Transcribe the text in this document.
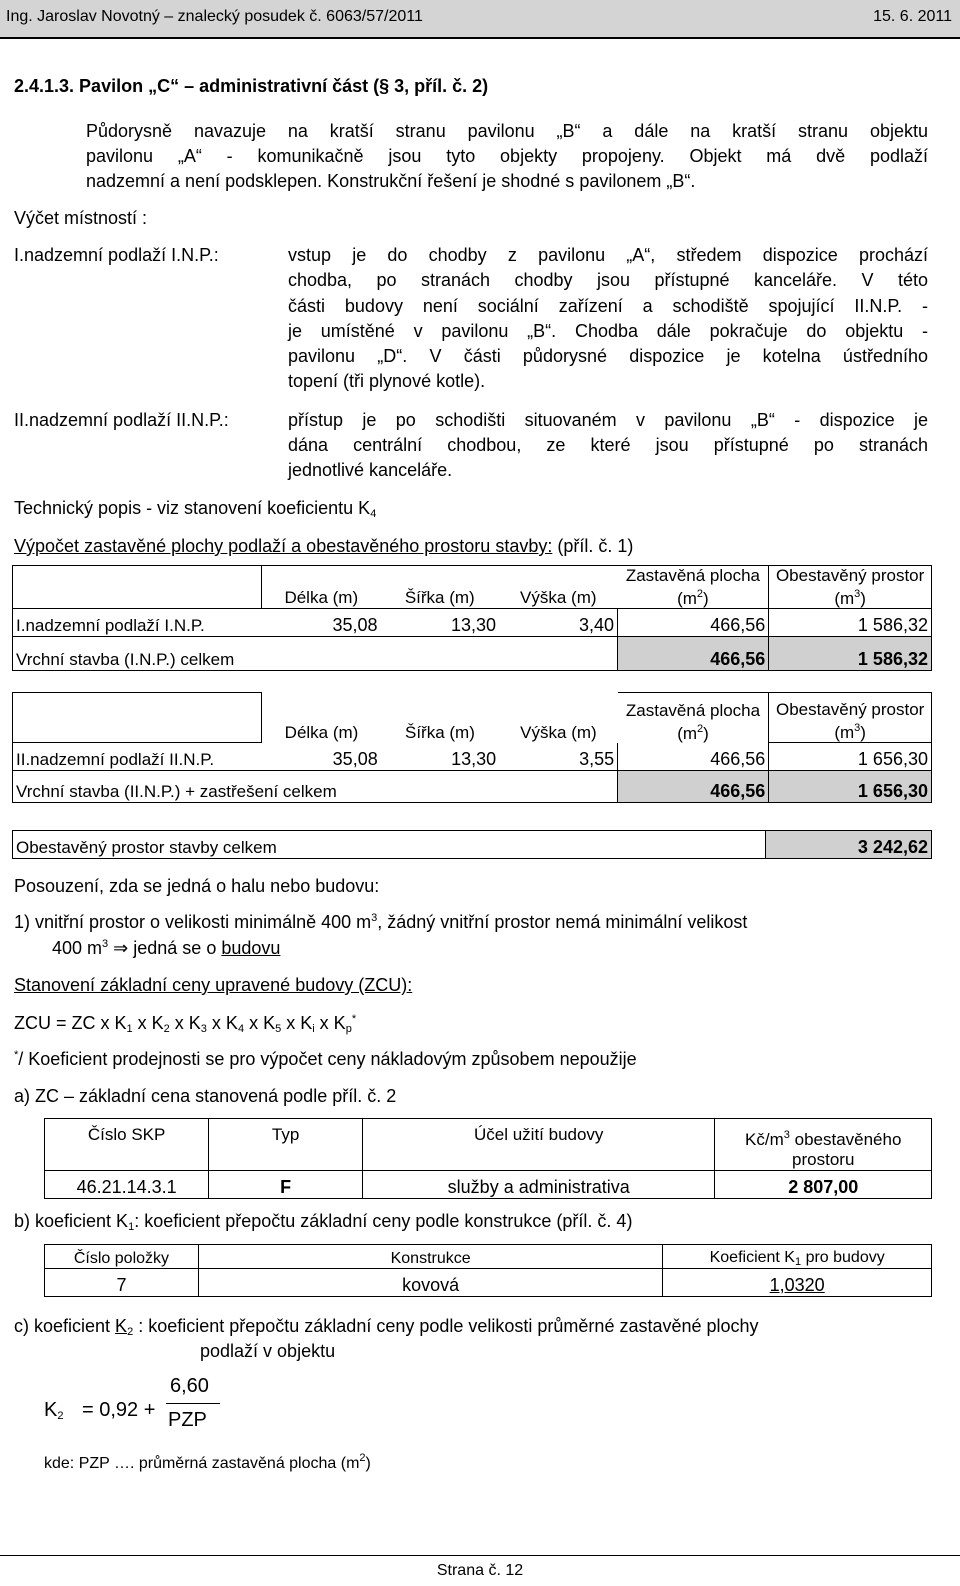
Ing. Jaroslav Novotný – znalecký posudek č. 6063/57/2011	15. 6. 2011
2.4.1.3. Pavilon „C“ – administrativní část (§ 3, příl. č. 2)
Půdorysně navazuje na kratší stranu pavilonu „B“ a dále na kratší stranu objektu
pavilonu „A“ - komunikačně jsou tyto objekty propojeny. Objekt má dvě podlaží
nadzemní a není podsklepen. Konstrukční řešení je shodné s pavilonem „B“.
Výčet místností :
I.nadzemní podlaží I.N.P.:	vstup je do chodby z pavilonu „A“, středem dispozice prochází
chodba, po stranách chodby jsou přístupné kanceláře. V této
části budovy není sociální zařízení a schodiště spojující II.N.P. -
je umístěné v pavilonu „B“. Chodba dále pokračuje do objektu -
pavilonu „D“. V části půdorysné dispozice je kotelna ústředního
topení (tři plynové kotle).
II.nadzemní podlaží II.N.P.:	přístup je po schodišti situovaném v pavilonu „B“ - dispozice je
dána centrální chodbou, ze které jsou přístupné po stranách
jednotlivé kanceláře.
Technický popis - viz stanovení koeficientu $K_4$
Výpočet zastavěné plochy podlaží a obestavěného prostoru stavby: (příl. č. 1)
	Délka (m)	Šířka (m)	Výška (m)	Zastavěná plocha
$(m^2)$	Obestavěný prostor
$(m^3)$
I.nadzemní podlaží I.N.P.	35,08	13,30	3,40	466,56	1 586,32
Vrchní stavba (I.N.P.) celkem				466,56	1 586,32
	Délka (m)	Šířka (m)	Výška (m)	Zastavěná plocha
$(m^2)$	Obestavěný prostor
$(m^3)$
II.nadzemní podlaží II.N.P.	35,08	13,30	3,55	466,56	1 656,30
Vrchní stavba (II.N.P.) + zastřešení celkem				466,56	1 656,30
Obestavěný prostor stavby celkem	3 242,62
Posouzení, zda se jedná o halu nebo budovu:
1) vnitřní prostor o velikosti minimálně 400 $m^3$, žádný vnitřní prostor nemá minimální velikost
400 $m^3$ ⇒ jedná se o budovu
Stanovení základní ceny upravené budovy (ZCU):
ZCU = ZC x $K_1$ x $K_2$ x $K_3$ x $K_4$ x $K_5$ x $K_i$ x $K_p^*$
*/ Koeficient prodejnosti se pro výpočet ceny nákladovým způsobem nepoužije
a) ZC – základní cena stanovená podle příl. č. 2
Číslo SKP	Typ	Účel užití budovy	$Kč/m^3$ obestavěného
prostoru
46.21.14.3.1	F	služby a administrativa	2 807,00
b) koeficient $K_1$: koeficient přepočtu základní ceny podle konstrukce (příl. č. 4)
Číslo položky	Konstrukce	Koeficient $K_1$ pro budovy
7	kovová	1,0320
c) koeficient $K_2$ : koeficient přepočtu základní ceny podle velikosti průměrné zastavěné plochy
podlaží v objektu
$K_2 = 0,92$ +
6,60
PZP
kde: PZP …. průměrná zastavěná plocha $(m^2)$
Strana č. 12
